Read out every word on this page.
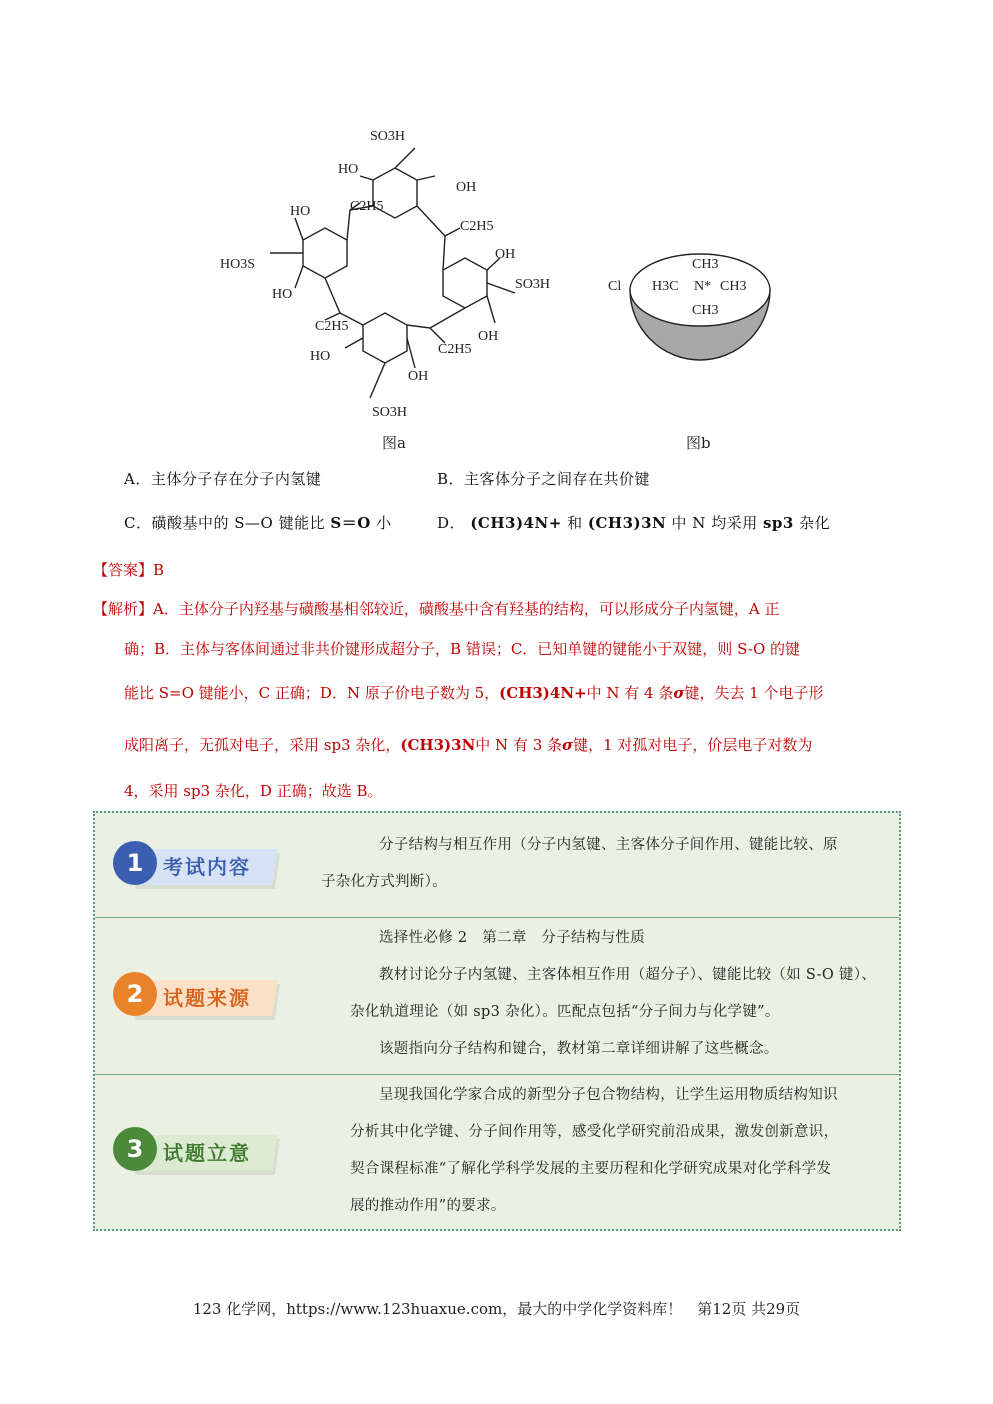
SO3H
HO
OH
C2H5
C2H5
HO
HO3S
HO
OH
SO3H
OH
C2H5
C2H5
HO
OH
SO3H
Cl
CH3
H3C N* CH3
CH3
图a	图b
A．主体分子存在分子内氢键	B．主客体分子之间存在共价键
C．磺酸基中的 S—O 键能比 S＝O 小	D． (CH3)4N+ 和 (CH3)3N 中 N 均采用 sp3 杂化
【答案】B
【解析】A．主体分子内羟基与磺酸基相邻较近，磺酸基中含有羟基的结构，可以形成分子内氢键，A 正
确；B．主体与客体间通过非共价键形成超分子，B 错误；C．已知单键的键能小于双键，则 S-O 的键
能比 S=O 键能小，C 正确；D．N 原子价电子数为 5，(CH3)4N+中 N 有 4 条σ键，失去 1 个电子形
成阳离子，无孤对电子，采用 sp3 杂化，(CH3)3N中 N 有 3 条σ键，1 对孤对电子，价层电子对数为
4，采用 sp3 杂化，D 正确；故选 B。
1 考试内容
分子结构与相互作用（分子内氢键、主客体分子间作用、键能比较、原
子杂化方式判断）。
2 试题来源
选择性必修 2　第二章　分子结构与性质
教材讨论分子内氢键、主客体相互作用（超分子）、键能比较（如 S-O 键）、
杂化轨道理论（如 sp3 杂化）。匹配点包括“分子间力与化学键”。
该题指向分子结构和键合，教材第二章详细讲解了这些概念。
3 试题立意
呈现我国化学家合成的新型分子包合物结构，让学生运用物质结构知识
分析其中化学键、分子间作用等，感受化学研究前沿成果，激发创新意识，
契合课程标准“了解化学科学发展的主要历程和化学研究成果对化学科学发
展的推动作用”的要求。
123 化学网，https://www.123huaxue.com，最大的中学化学资料库！　第12页 共29页
